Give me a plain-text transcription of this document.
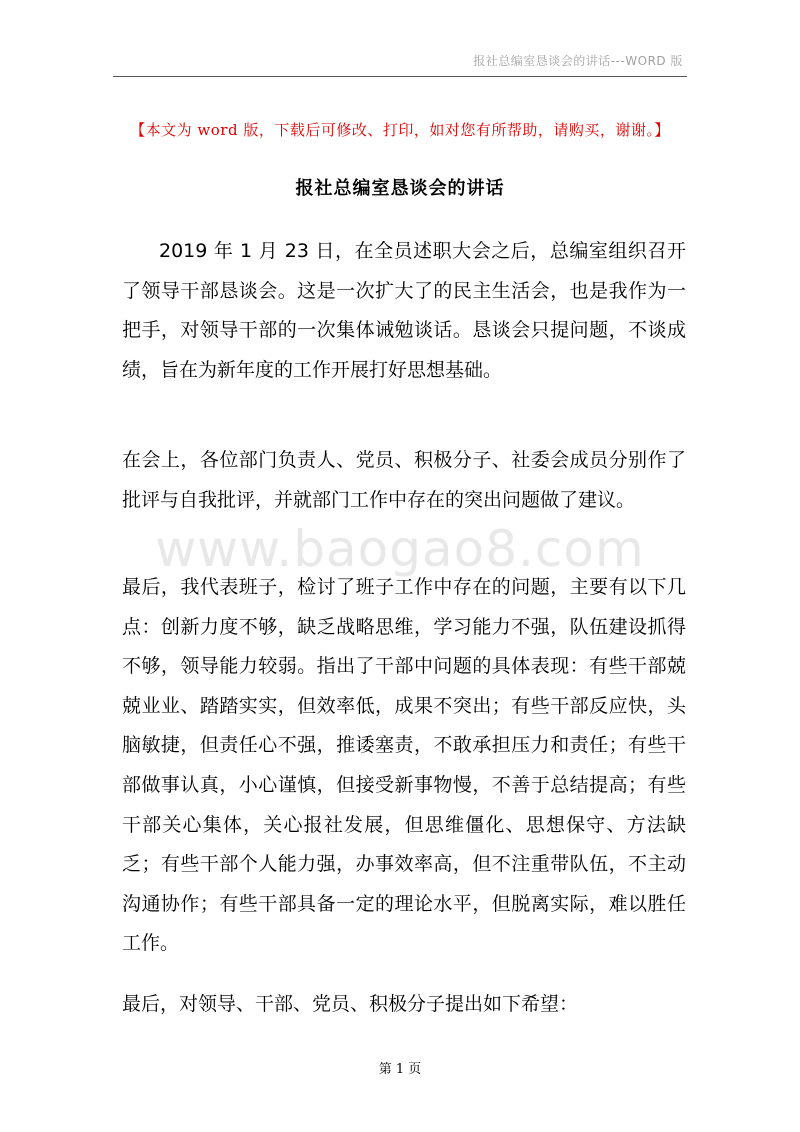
报社总编室恳谈会的讲话---WORD 版
【本文为 word 版，下载后可修改、打印，如对您有所帮助，请购买，谢谢。】
报社总编室恳谈会的讲话
www.baogao8.com
2019 年 1 月 23 日，在全员述职大会之后，总编室组织召开了领导干部恳谈会。这是一次扩大了的民主生活会，也是我作为一把手，对领导干部的一次集体诫勉谈话。恳谈会只提问题，不谈成绩，旨在为新年度的工作开展打好思想基础。
在会上，各位部门负责人、党员、积极分子、社委会成员分别作了批评与自我批评，并就部门工作中存在的突出问题做了建议。
最后，我代表班子，检讨了班子工作中存在的问题，主要有以下几点：创新力度不够，缺乏战略思维，学习能力不强，队伍建设抓得不够，领导能力较弱。指出了干部中问题的具体表现：有些干部兢兢业业、踏踏实实，但效率低，成果不突出；有些干部反应快，头脑敏捷，但责任心不强，推诿塞责，不敢承担压力和责任；有些干部做事认真，小心谨慎，但接受新事物慢，不善于总结提高；有些干部关心集体，关心报社发展，但思维僵化、思想保守、方法缺乏；有些干部个人能力强，办事效率高，但不注重带队伍，不主动沟通协作；有些干部具备一定的理论水平，但脱离实际，难以胜任工作。
最后，对领导、干部、党员、积极分子提出如下希望：
第 1 页
